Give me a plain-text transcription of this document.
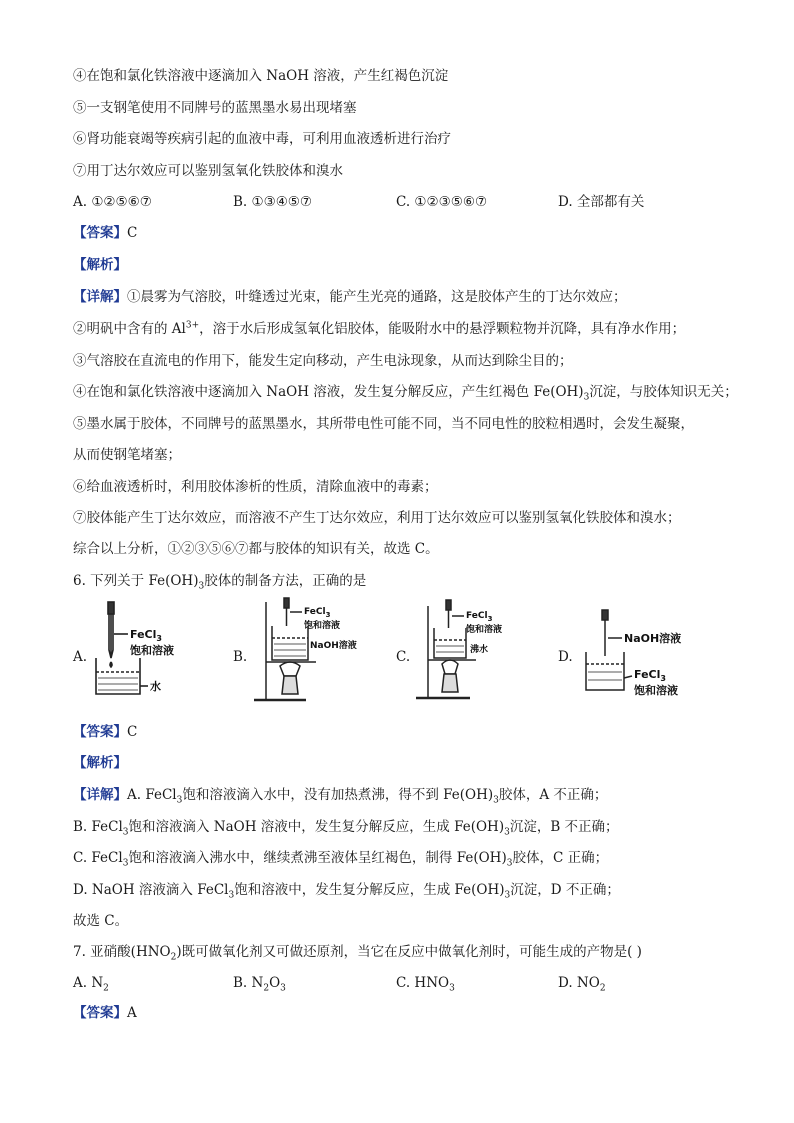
④在饱和氯化铁溶液中逐滴加入 NaOH 溶液，产生红褐色沉淀
⑤一支钢笔使用不同牌号的蓝黑墨水易出现堵塞
⑥肾功能衰竭等疾病引起的血液中毒，可利用血液透析进行治疗
⑦用丁达尔效应可以鉴别氢氧化铁胶体和溴水
A. ①②⑤⑥⑦	B. ①③④⑤⑦	C. ①②③⑤⑥⑦	D. 全部都有关
【答案】C
【解析】
【详解】①晨雾为气溶胶，叶缝透过光束，能产生光亮的通路，这是胶体产生的丁达尔效应；
②明矾中含有的 $Al^{3+}$，溶于水后形成氢氧化铝胶体，能吸附水中的悬浮颗粒物并沉降，具有净水作用；
③气溶胶在直流电的作用下，能发生定向移动，产生电泳现象，从而达到除尘目的；
④在饱和氯化铁溶液中逐滴加入 NaOH 溶液，发生复分解反应，产生红褐色 $Fe(OH)_3$沉淀，与胶体知识无关；
⑤墨水属于胶体，不同牌号的蓝黑墨水，其所带电性可能不同，当不同电性的胶粒相遇时，会发生凝聚，
从而使钢笔堵塞；
⑥给血液透析时，利用胶体渗析的性质，清除血液中的毒素；
⑦胶体能产生丁达尔效应，而溶液不产生丁达尔效应，利用丁达尔效应可以鉴别氢氧化铁胶体和溴水；
综合以上分析，①②③⑤⑥⑦都与胶体的知识有关，故选 C。
6. 下列关于 $Fe(OH)_3$胶体的制备方法，正确的是
A.	B.	C.	D.
FeCl$_3$
饱和溶液
水
FeCl$_3$
饱和溶液
NaOH溶液
FeCl$_3$
饱和溶液
沸水
NaOH溶液
FeCl$_3$
饱和溶液
【答案】C
【解析】
【详解】A. FeCl$_3$饱和溶液滴入水中，没有加热煮沸，得不到 $Fe(OH)_3$胶体，A 不正确；
B. FeCl$_3$饱和溶液滴入 NaOH 溶液中，发生复分解反应，生成 $Fe(OH)_3$沉淀，B 不正确；
C. FeCl$_3$饱和溶液滴入沸水中，继续煮沸至液体呈红褐色，制得 $Fe(OH)_3$胶体，C 正确；
D. NaOH 溶液滴入 FeCl$_3$饱和溶液中，发生复分解反应，生成 $Fe(OH)_3$沉淀，D 不正确；
故选 C。
7. 亚硝酸$(HNO_2)$既可做氧化剂又可做还原剂，当它在反应中做氧化剂时，可能生成的产物是( )
A. $N_2$	B. $N_2O_3$	C. $HNO_3$	D. $NO_2$
【答案】A
